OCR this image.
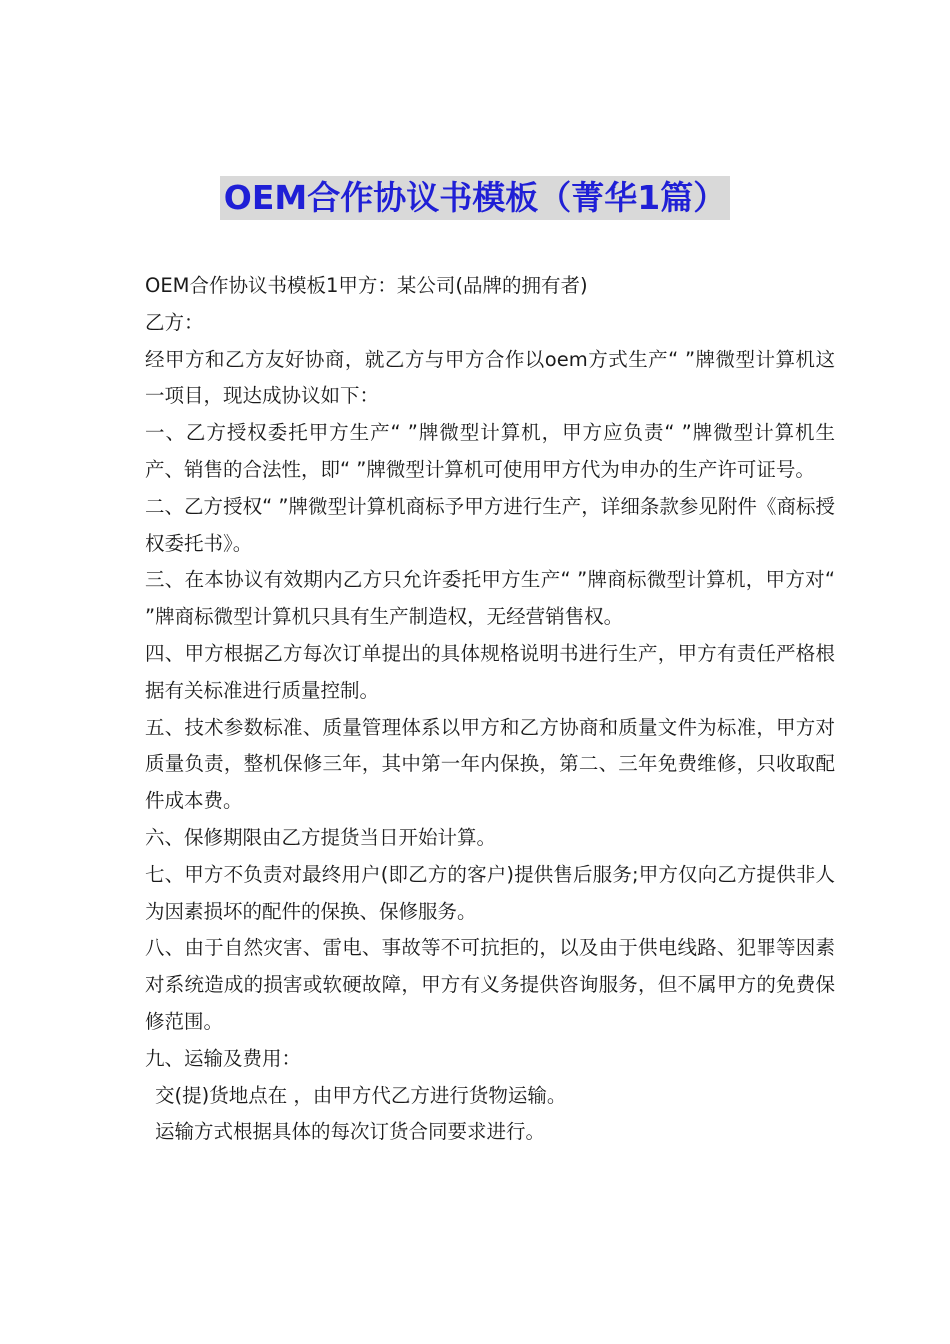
OEM合作协议书模板（菁华1篇）

OEM合作协议书模板1甲方：某公司(品牌的拥有者)

乙方：

经甲方和乙方友好协商，就乙方与甲方合作以oem方式生产“ ”牌微型计算机这一项目，现达成协议如下：

一、乙方授权委托甲方生产“ ”牌微型计算机，甲方应负责“ ”牌微型计算机生产、销售的合法性，即“ ”牌微型计算机可使用甲方代为申办的生产许可证号。

二、乙方授权“ ”牌微型计算机商标予甲方进行生产，详细条款参见附件《商标授权委托书》。

三、在本协议有效期内乙方只允许委托甲方生产“ ”牌商标微型计算机，甲方对“ ”牌商标微型计算机只具有生产制造权，无经营销售权。

四、甲方根据乙方每次订单提出的具体规格说明书进行生产，甲方有责任严格根据有关标准进行质量控制。

五、技术参数标准、质量管理体系以甲方和乙方协商和质量文件为标准，甲方对质量负责，整机保修三年，其中第一年内保换，第二、三年免费维修，只收取配件成本费。

六、保修期限由乙方提货当日开始计算。

七、甲方不负责对最终用户(即乙方的客户)提供售后服务;甲方仅向乙方提供非人为因素损坏的配件的保换、保修服务。

八、由于自然灾害、雷电、事故等不可抗拒的，以及由于供电线路、犯罪等因素对系统造成的损害或软硬故障，甲方有义务提供咨询服务，但不属甲方的免费保修范围。

九、运输及费用：

交(提)货地点在 ，由甲方代乙方进行货物运输。

运输方式根据具体的每次订货合同要求进行。
